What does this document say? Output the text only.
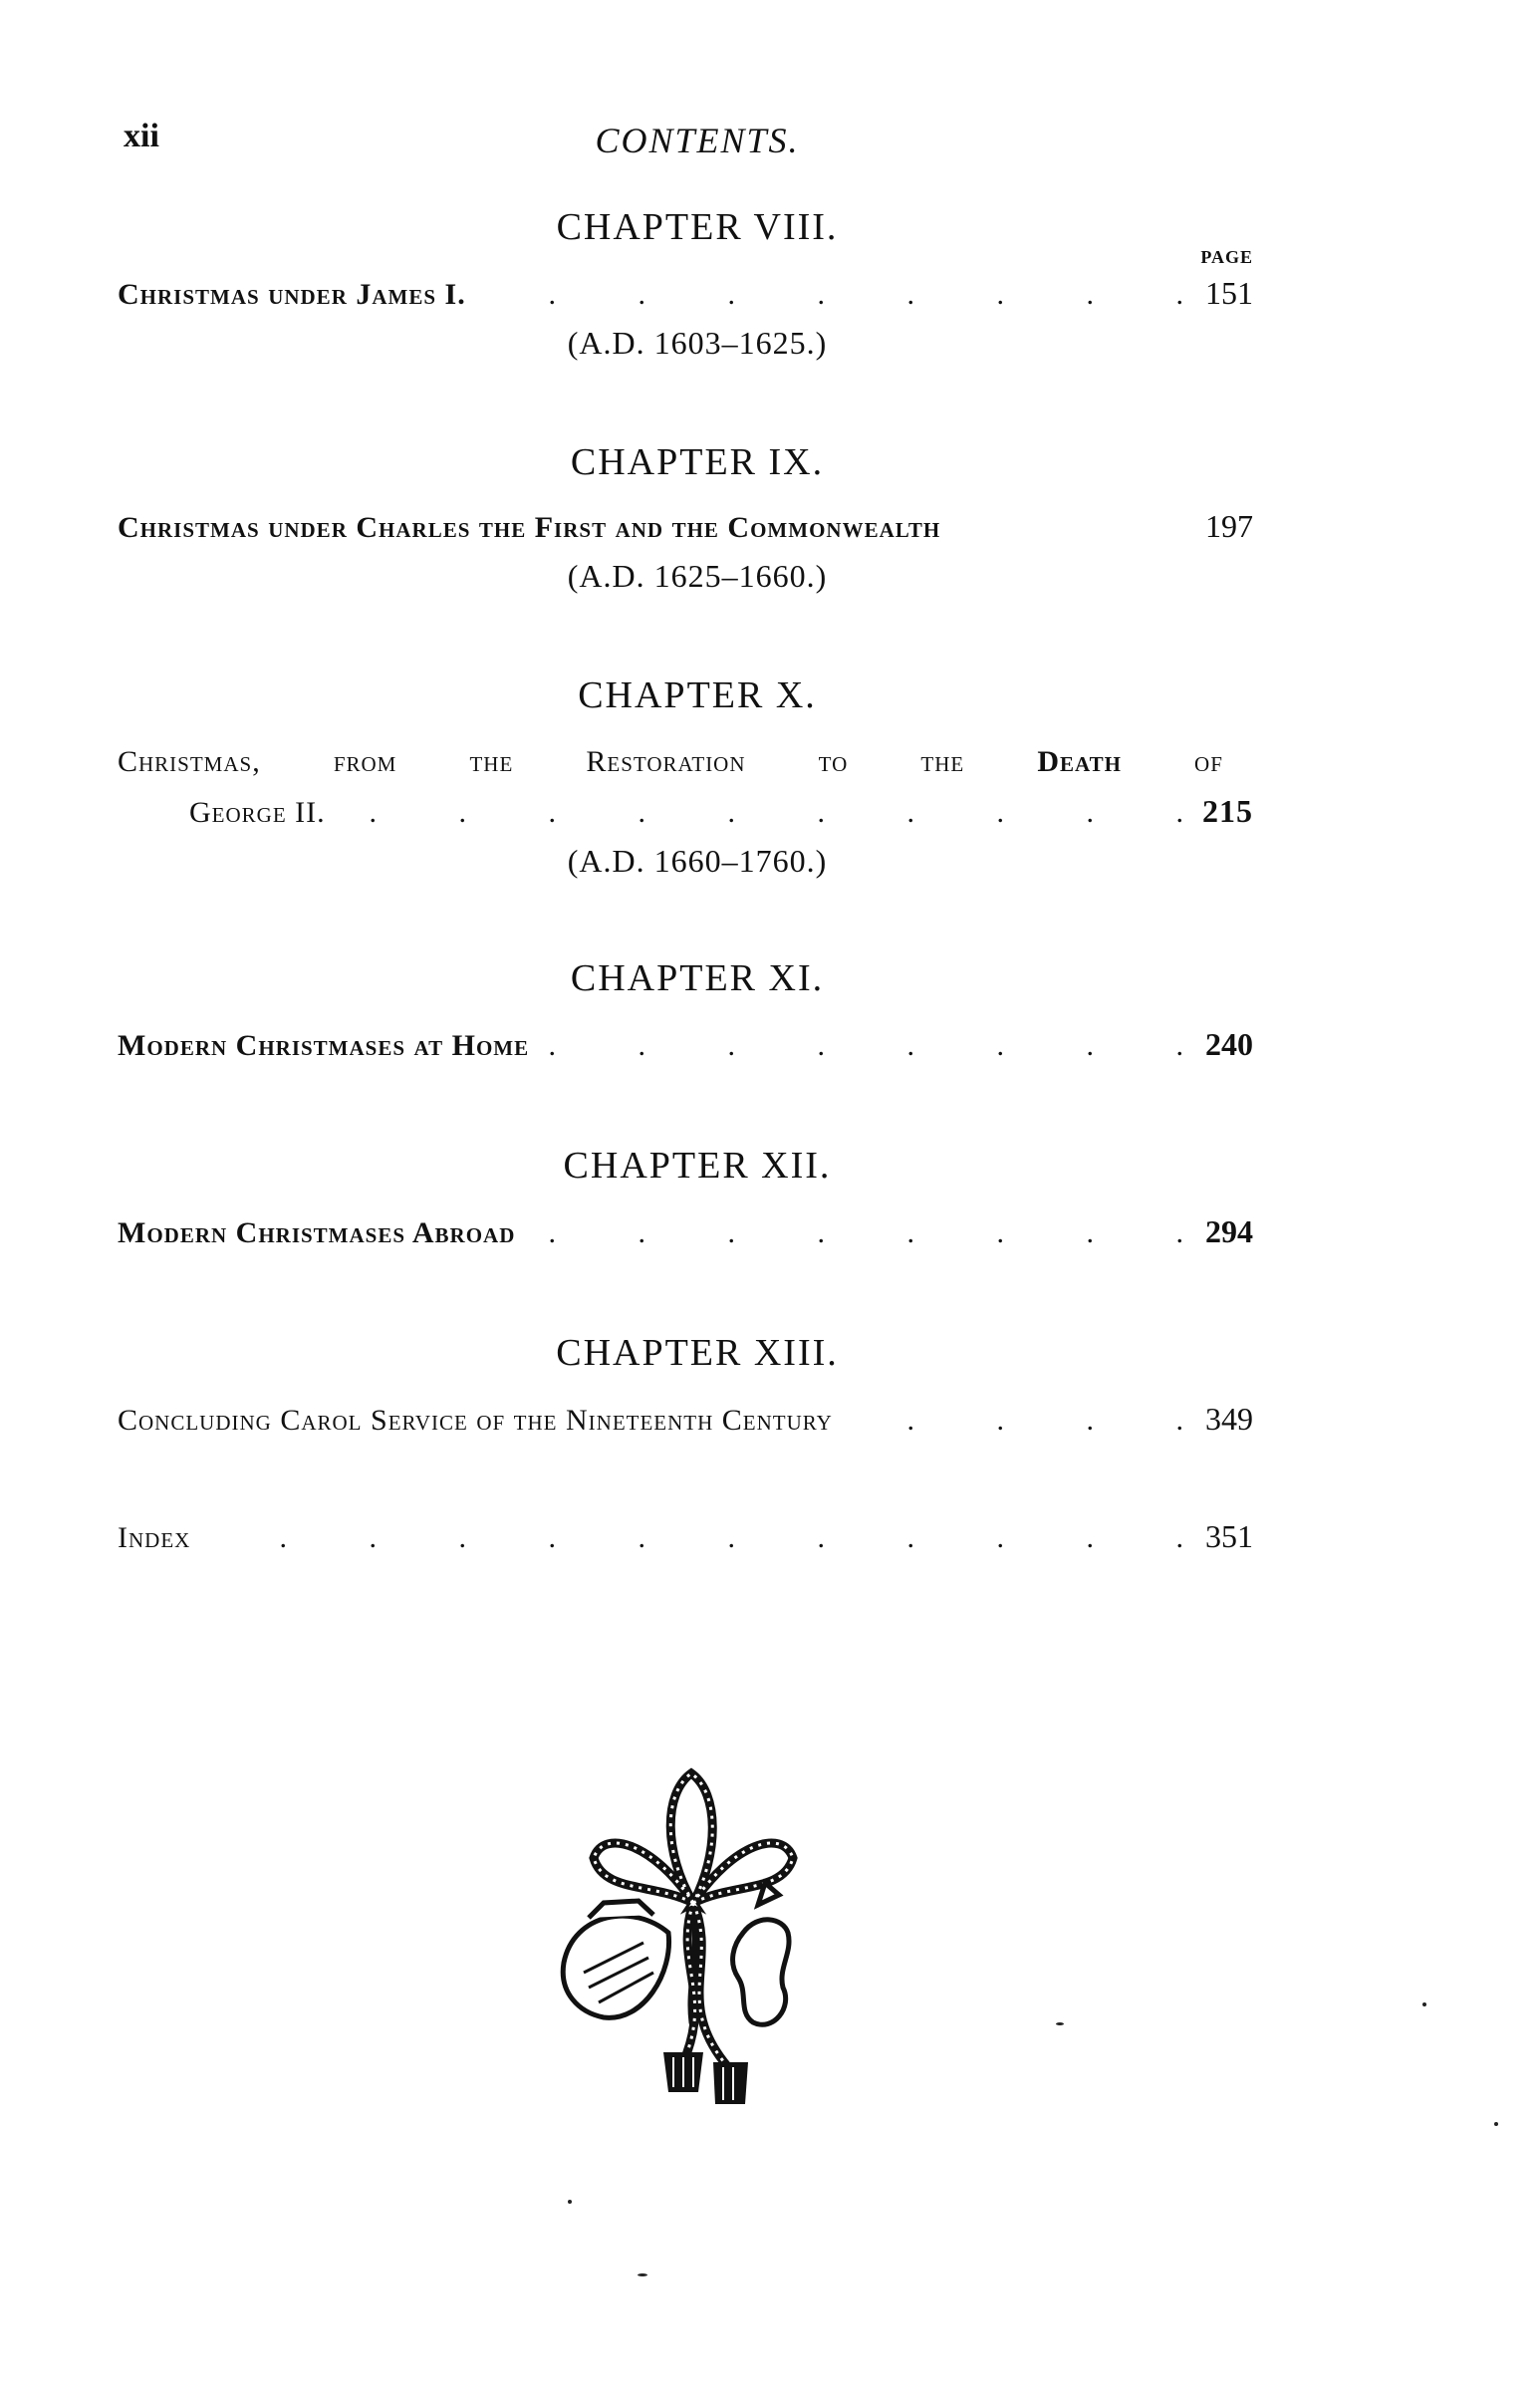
xii	CONTENTS.
CHAPTER VIII.
PAGE
Christmas under James I. .	151
(A.D. 1603–1625.)
CHAPTER IX.
Christmas under Charles the First and the Commonwealth	197
(A.D. 1625–1660.)
CHAPTER X.
Christmas, from the Restoration to the Death of
George II. .	215
(A.D. 1660–1760.)
CHAPTER XI.
Modern Christmases at Home .	240
CHAPTER XII.
Modern Christmases Abroad .	294
CHAPTER XIII.
Concluding Carol Service of the Nineteenth Century .	349
Index .	351
